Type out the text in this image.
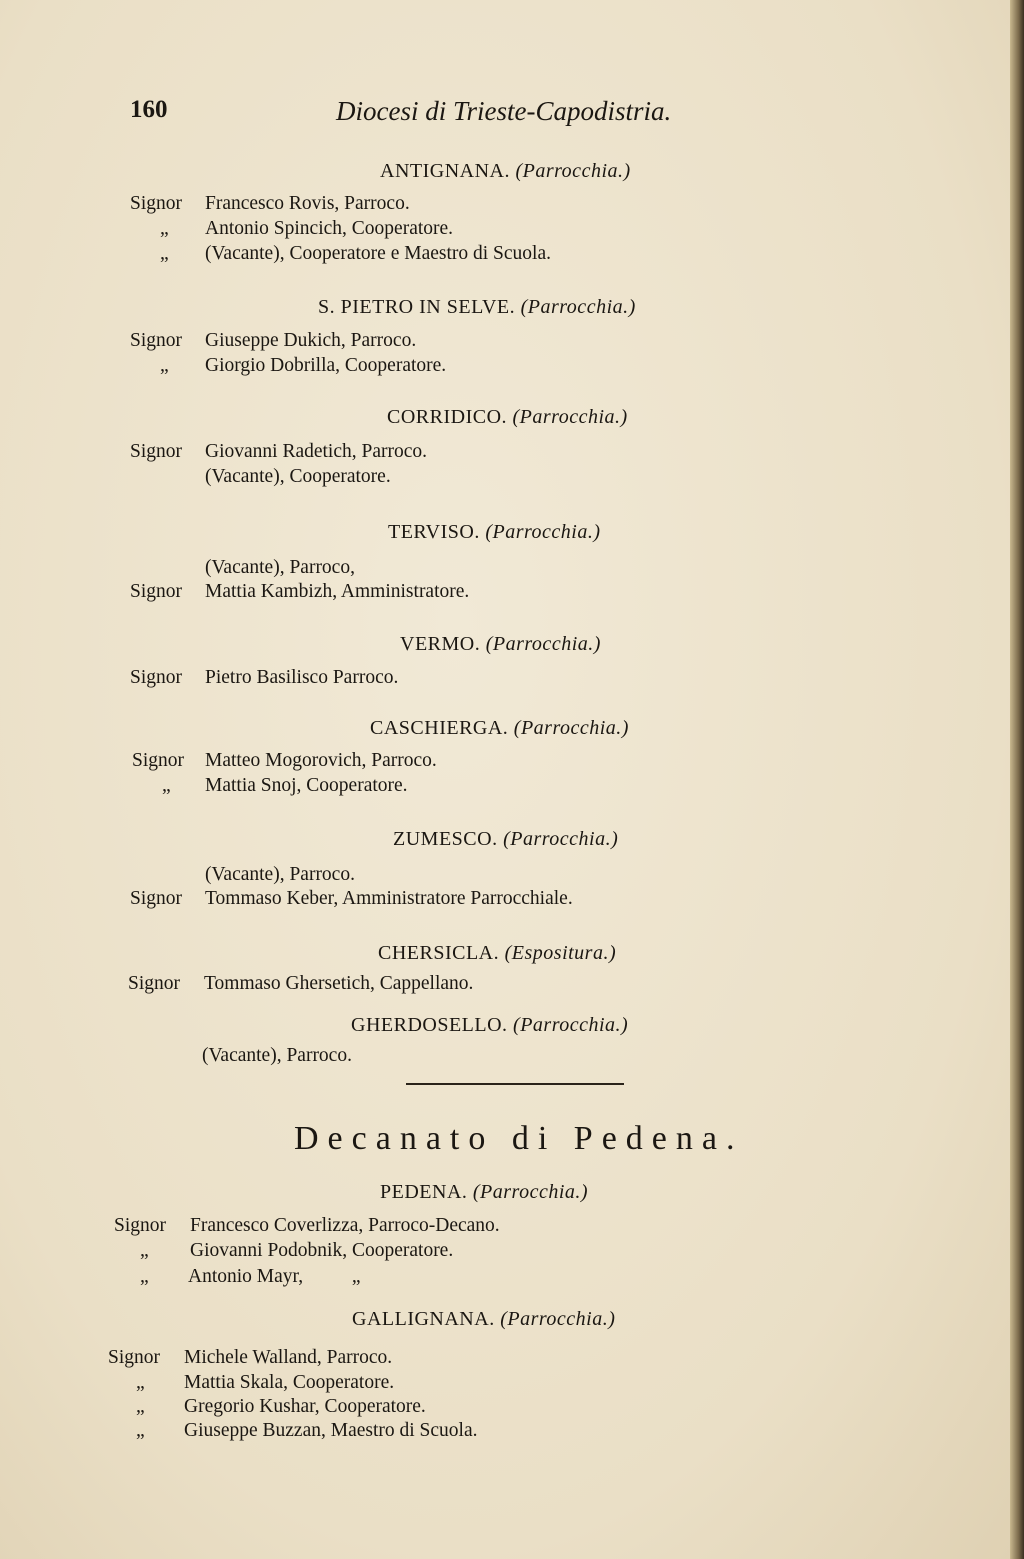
160	Diocesi di Trieste-Capodistria.
ANTIGNANA. (Parrocchia.)
Signor	Francesco Rovis, Parroco.
„	Antonio Spincich, Cooperatore.
„	(Vacante), Cooperatore e Maestro di Scuola.
S. PIETRO IN SELVE. (Parrocchia.)
Signor	Giuseppe Dukich, Parroco.
„	Giorgio Dobrilla, Cooperatore.
CORRIDICO. (Parrocchia.)
Signor	Giovanni Radetich, Parroco.
(Vacante), Cooperatore.
TERVISO. (Parrocchia.)
(Vacante), Parroco,
Signor	Mattia Kambizh, Amministratore.
VERMO. (Parrocchia.)
Signor	Pietro Basilisco Parroco.
CASCHIERGA. (Parrocchia.)
Signor	Matteo Mogorovich, Parroco.
„	Mattia Snoj, Cooperatore.
ZUMESCO. (Parrocchia.)
(Vacante), Parroco.
Signor	Tommaso Keber, Amministratore Parrocchiale.
CHERSICLA. (Espositura.)
Signor	Tommaso Ghersetich, Cappellano.
GHERDOSELLO. (Parrocchia.)
(Vacante), Parroco.
Decanato di Pedena.
PEDENA. (Parrocchia.)
Signor	Francesco Coverlizza, Parroco-Decano.
„	Giovanni Podobnik, Cooperatore.
„	Antonio Mayr,          „
GALLIGNANA. (Parrocchia.)
Signor	Michele Walland, Parroco.
„	Mattia Skala, Cooperatore.
„	Gregorio Kushar, Cooperatore.
„	Giuseppe Buzzan, Maestro di Scuola.
